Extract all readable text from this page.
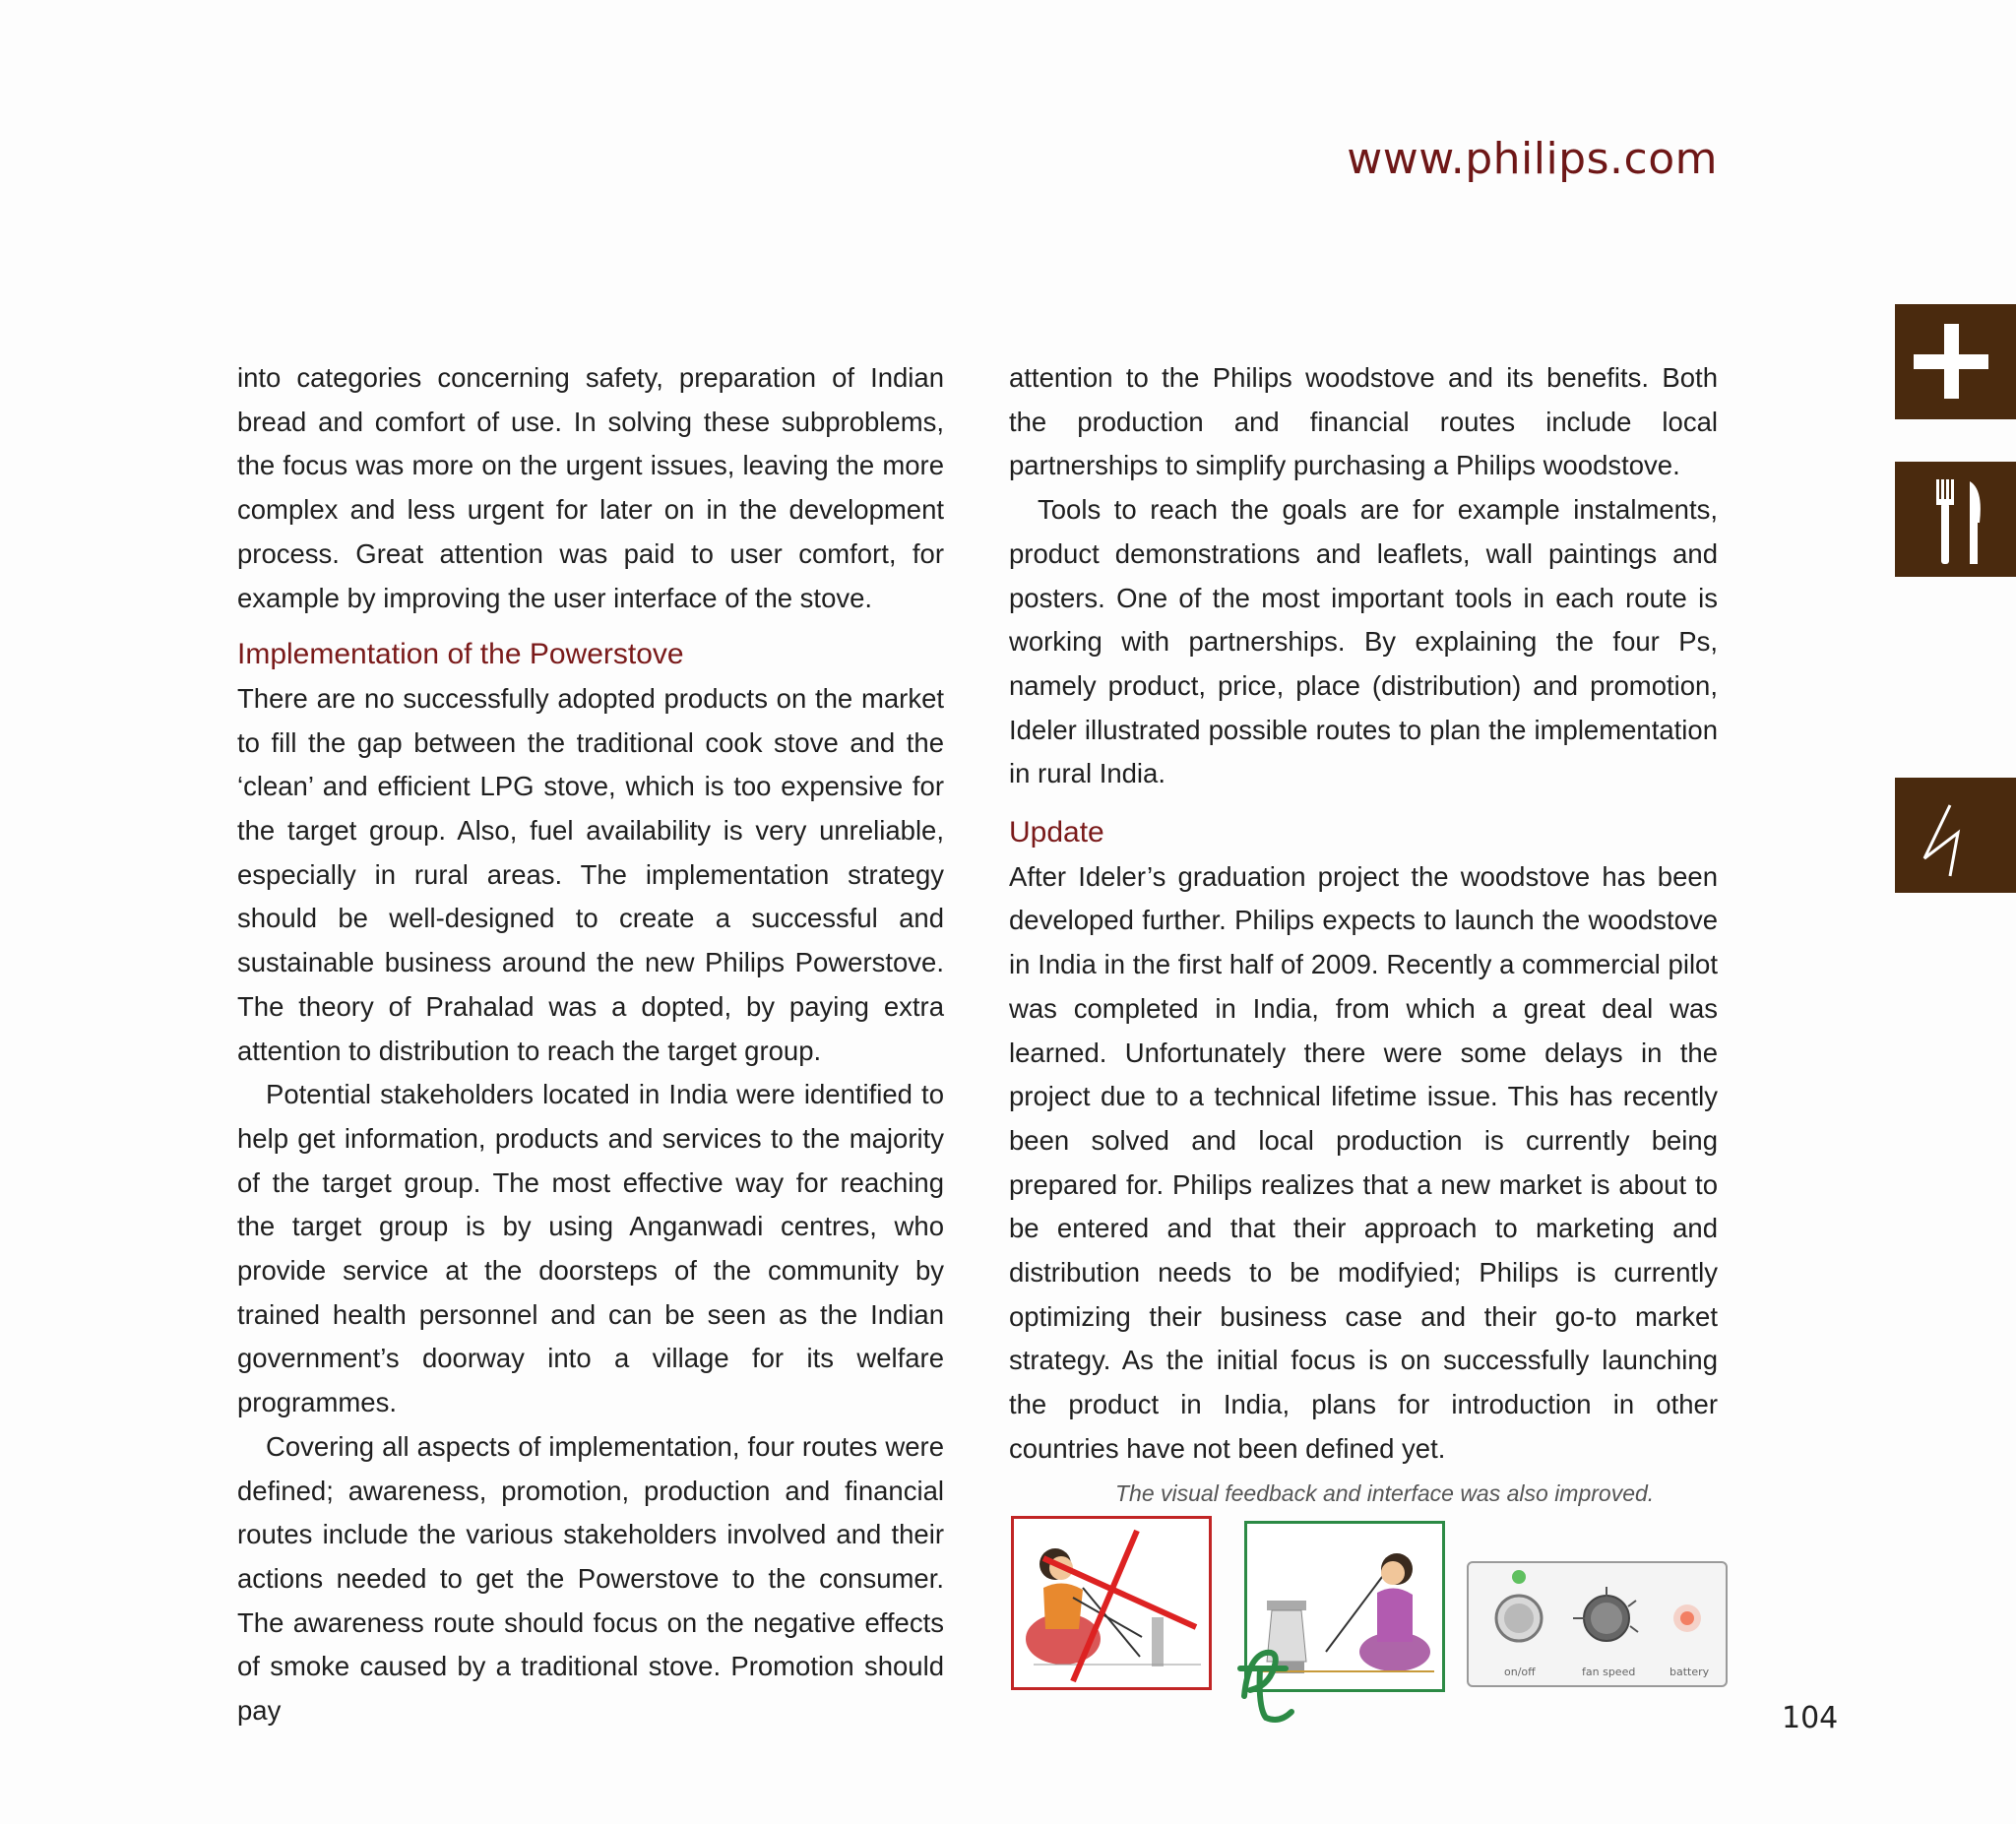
www.philips.com

into categories concerning safety, preparation of Indian bread and comfort of use. In solving these subproblems, the focus was more on the urgent issues, leaving the more complex and less urgent for later on in the development process. Great attention was paid to user comfort, for example by improving the user interface of the stove.

Implementation of the Powerstove

There are no successfully adopted products on the market to fill the gap between the traditional cook stove and the ‘clean’ and efficient LPG stove, which is too expensive for the target group. Also, fuel availability is very unreliable, especially in rural areas. The implementation strategy should be well-designed to create a successful and sustainable business around the new Philips Powerstove. The theory of Prahalad was a dopted, by paying extra attention to distribution to reach the target group.

Potential stakeholders located in India were identified to help get information, products and services to the majority of the target group. The most effective way for reaching the target group is by using Anganwadi centres, who provide service at the doorsteps of the community by trained health personnel and can be seen as the Indian government’s doorway into a village for its welfare programmes.

Covering all aspects of implementation, four routes were defined; awareness, promotion, production and financial routes include the various stakeholders involved and their actions needed to get the Powerstove to the consumer. The awareness route should focus on the negative effects of smoke caused by a traditional stove. Promotion should pay

attention to the Philips woodstove and its benefits. Both the production and financial routes include local partnerships to simplify purchasing a Philips woodstove.

Tools to reach the goals are for example instalments, product demonstrations and leaflets, wall paintings and posters. One of the most important tools in each route is working with partnerships. By explaining the four Ps, namely product, price, place (distribution) and promotion, Ideler illustrated possible routes to plan the implementation in rural India.

Update

After Ideler’s graduation project the woodstove has been developed further. Philips expects to launch the woodstove in India in the first half of 2009. Recently a commercial pilot was completed in India, from which a great deal was learned. Unfortunately there were some delays in the project due to a technical lifetime issue. This has recently been solved and local production is currently being prepared for. Philips realizes that a new market is about to be entered and that their approach to marketing and distribution needs to be modifyied; Philips is currently optimizing their business case and their go-to market strategy. As the initial focus is on successfully launching the product in India, plans for introduction in other countries have not been defined yet.

The visual feedback and interface was also improved.
on/off	fan speed	battery
104
